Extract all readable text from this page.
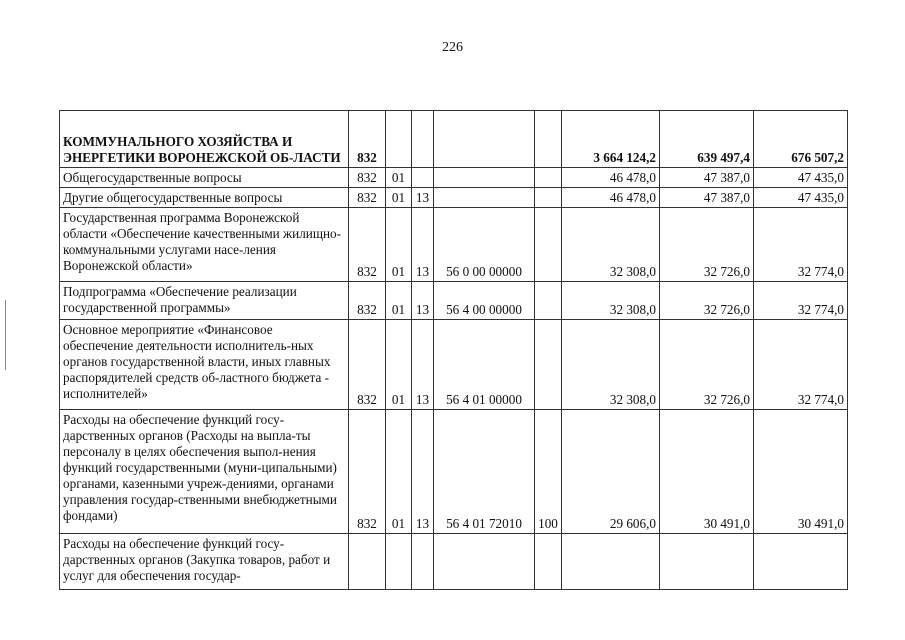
226
КОММУНАЛЬНОГО ХОЗЯЙСТВА И ЭНЕРГЕТИКИ ВОРОНЕЖСКОЙ ОБ-ЛАСТИ	832					3 664 124,2	639 497,4	676 507,2
Общегосударственные вопросы	832	01				46 478,0	47 387,0	47 435,0
Другие общегосударственные вопросы	832	01	13			46 478,0	47 387,0	47 435,0
Государственная программа Воронежской области «Обеспечение качественными жилищно-коммунальными услугами насе-ления Воронежской области»	832	01	13	56 0 00 00000		32 308,0	32 726,0	32 774,0
Подпрограмма «Обеспечение реализации государственной программы»	832	01	13	56 4 00 00000		32 308,0	32 726,0	32 774,0
Основное мероприятие «Финансовое обеспечение деятельности исполнитель-ных органов государственной власти, иных главных распорядителей средств об-ластного бюджета - исполнителей»	832	01	13	56 4 01 00000		32 308,0	32 726,0	32 774,0
Расходы на обеспечение функций госу-дарственных органов (Расходы на выпла-ты персоналу в целях обеспечения выпол-нения функций государственными (муни-ципальными) органами, казенными учреж-дениями, органами управления государ-ственными внебюджетными фондами)	832	01	13	56 4 01 72010	100	29 606,0	30 491,0	30 491,0
Расходы на обеспечение функций госу-дарственных органов (Закупка товаров, работ и услуг для обеспечения государ-								
